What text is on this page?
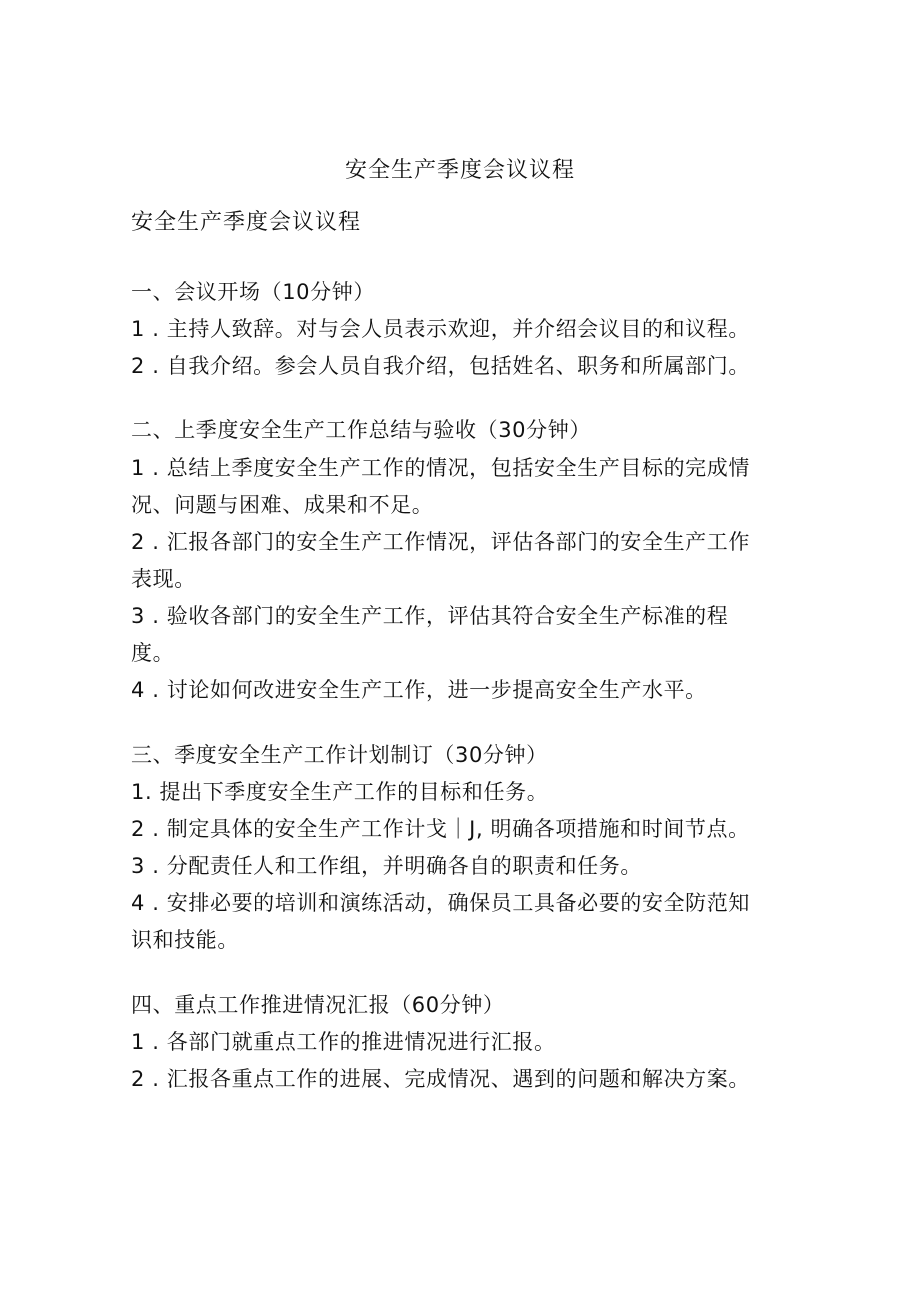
安全生产季度会议议程
安全生产季度会议议程
一、会议开场（10分钟）
1 . 主持人致辞。对与会人员表示欢迎，并介绍会议目的和议程。
2 . 自我介绍。参会人员自我介绍，包括姓名、职务和所属部门。
二、上季度安全生产工作总结与验收（30分钟）
1 . 总结上季度安全生产工作的情况，包括安全生产目标的完成情
况、问题与困难、成果和不足。
2 . 汇报各部门的安全生产工作情况，评估各部门的安全生产工作
表现。
3 . 验收各部门的安全生产工作，评估其符合安全生产标准的程
度。
4 . 讨论如何改进安全生产工作，进一步提高安全生产水平。
三、季度安全生产工作计划制订（30分钟）
1. 提出下季度安全生产工作的目标和任务。
2 . 制定具体的安全生产工作计戈｜J, 明确各项措施和时间节点。
3 . 分配责任人和工作组，并明确各自的职责和任务。
4 . 安排必要的培训和演练活动，确保员工具备必要的安全防范知
识和技能。
四、重点工作推进情况汇报（60分钟）
1 . 各部门就重点工作的推进情况进行汇报。
2 . 汇报各重点工作的进展、完成情况、遇到的问题和解决方案。
